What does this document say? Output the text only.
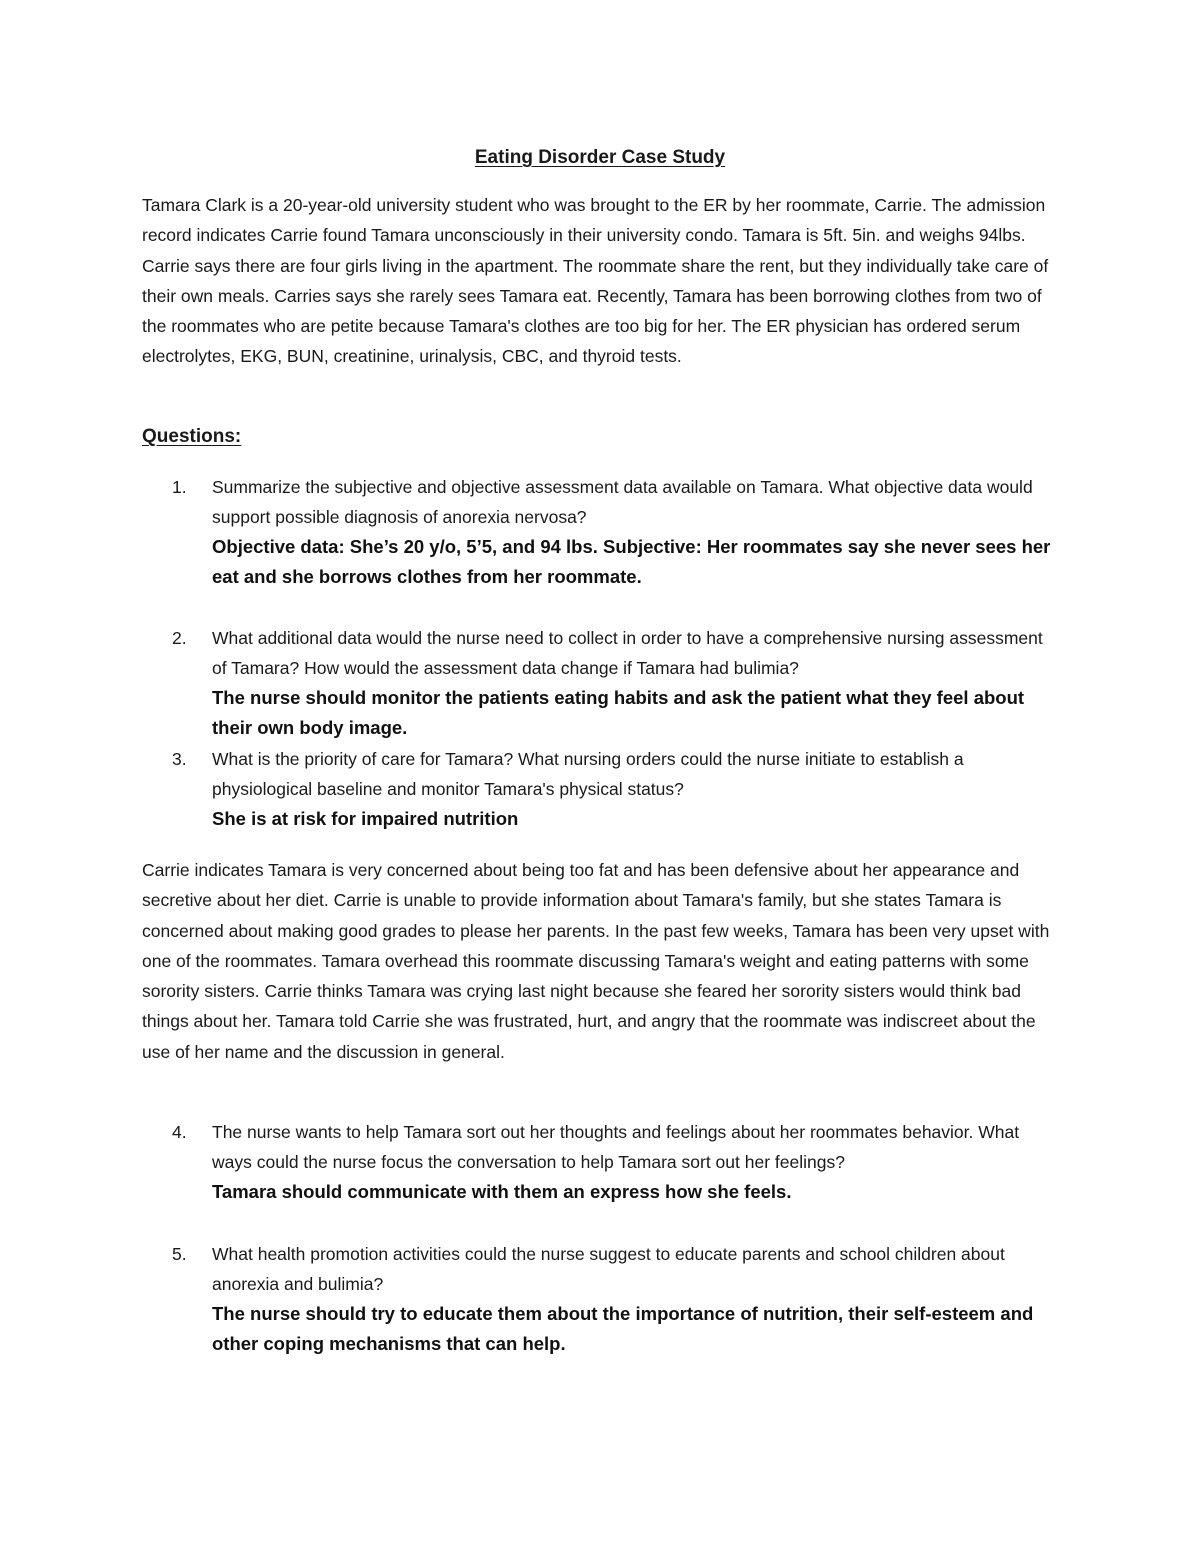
Eating Disorder Case Study
Tamara Clark is a 20-year-old university student who was brought to the ER by her roommate, Carrie. The admission record indicates Carrie found Tamara unconsciously in their university condo. Tamara is 5ft. 5in. and weighs 94lbs. Carrie says there are four girls living in the apartment. The roommate share the rent, but they individually take care of their own meals. Carries says she rarely sees Tamara eat. Recently, Tamara has been borrowing clothes from two of the roommates who are petite because Tamara's clothes are too big for her. The ER physician has ordered serum electrolytes, EKG, BUN, creatinine, urinalysis, CBC, and thyroid tests.
Questions:
1. Summarize the subjective and objective assessment data available on Tamara. What objective data would support possible diagnosis of anorexia nervosa?
Objective data: She’s 20 y/o, 5’5, and 94 lbs. Subjective: Her roommates say she never sees her eat and she borrows clothes from her roommate.
2. What additional data would the nurse need to collect in order to have a comprehensive nursing assessment of Tamara? How would the assessment data change if Tamara had bulimia?
The nurse should monitor the patients eating habits and ask the patient what they feel about their own body image.
3. What is the priority of care for Tamara? What nursing orders could the nurse initiate to establish a physiological baseline and monitor Tamara's physical status?
She is at risk for impaired nutrition
Carrie indicates Tamara is very concerned about being too fat and has been defensive about her appearance and secretive about her diet. Carrie is unable to provide information about Tamara's family, but she states Tamara is concerned about making good grades to please her parents. In the past few weeks, Tamara has been very upset with one of the roommates. Tamara overhead this roommate discussing Tamara's weight and eating patterns with some sorority sisters. Carrie thinks Tamara was crying last night because she feared her sorority sisters would think bad things about her. Tamara told Carrie she was frustrated, hurt, and angry that the roommate was indiscreet about the use of her name and the discussion in general.
4. The nurse wants to help Tamara sort out her thoughts and feelings about her roommates behavior. What ways could the nurse focus the conversation to help Tamara sort out her feelings?
Tamara should communicate with them an express how she feels.
5. What health promotion activities could the nurse suggest to educate parents and school children about anorexia and bulimia?
The nurse should try to educate them about the importance of nutrition, their self-esteem and other coping mechanisms that can help.
